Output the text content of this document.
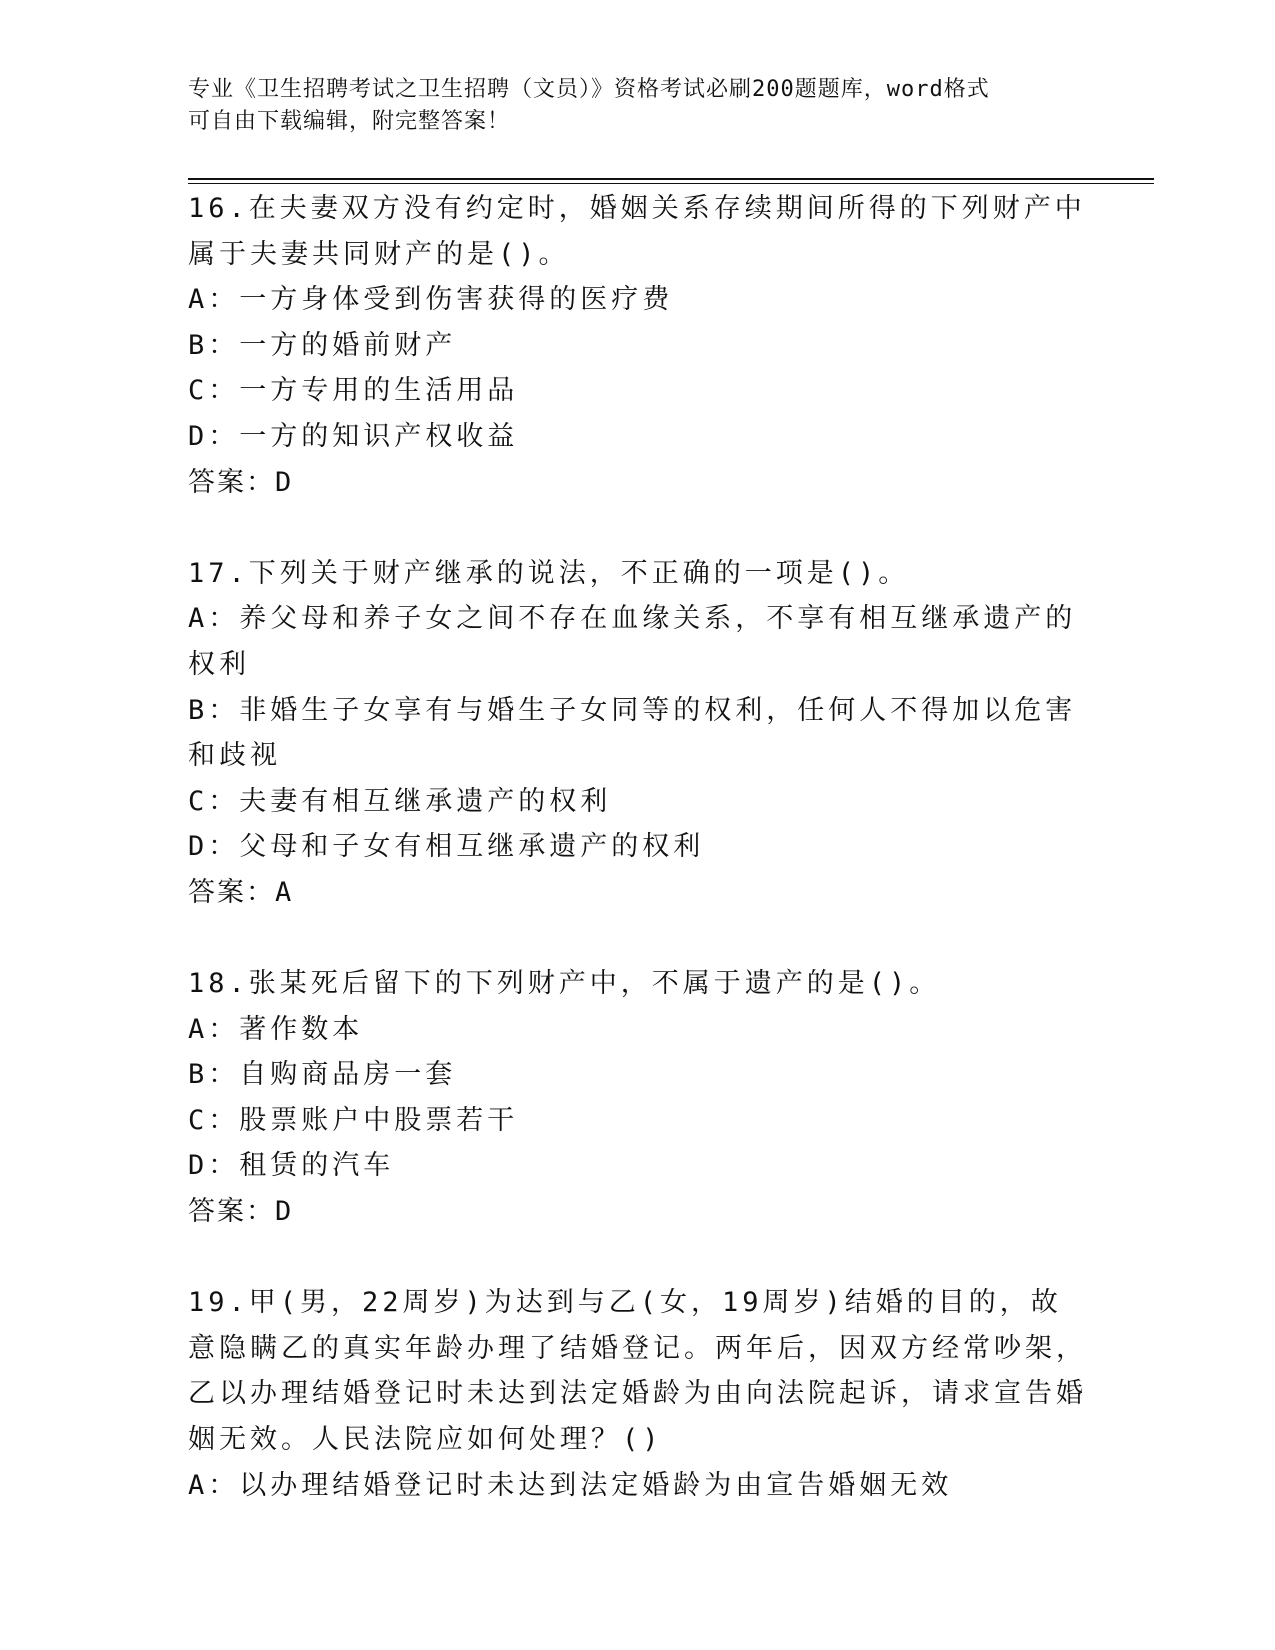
专业《卫生招聘考试之卫生招聘（文员）》资格考试必刷200题题库，word格式
可自由下载编辑，附完整答案！

16.在夫妻双方没有约定时，婚姻关系存续期间所得的下列财产中属于夫妻共同财产的是()。

A：一方身体受到伤害获得的医疗费

B：一方的婚前财产

C：一方专用的生活用品

D：一方的知识产权收益

答案：D

17.下列关于财产继承的说法，不正确的一项是()。

A：养父母和养子女之间不存在血缘关系，不享有相互继承遗产的权利

B：非婚生子女享有与婚生子女同等的权利，任何人不得加以危害和歧视

C：夫妻有相互继承遗产的权利

D：父母和子女有相互继承遗产的权利

答案：A

18.张某死后留下的下列财产中，不属于遗产的是()。

A：著作数本

B：自购商品房一套

C：股票账户中股票若干

D：租赁的汽车

答案：D

19.甲(男，22周岁)为达到与乙(女，19周岁)结婚的目的，故意隐瞒乙的真实年龄办理了结婚登记。两年后，因双方经常吵架，乙以办理结婚登记时未达到法定婚龄为由向法院起诉，请求宣告婚姻无效。人民法院应如何处理？()

A：以办理结婚登记时未达到法定婚龄为由宣告婚姻无效
